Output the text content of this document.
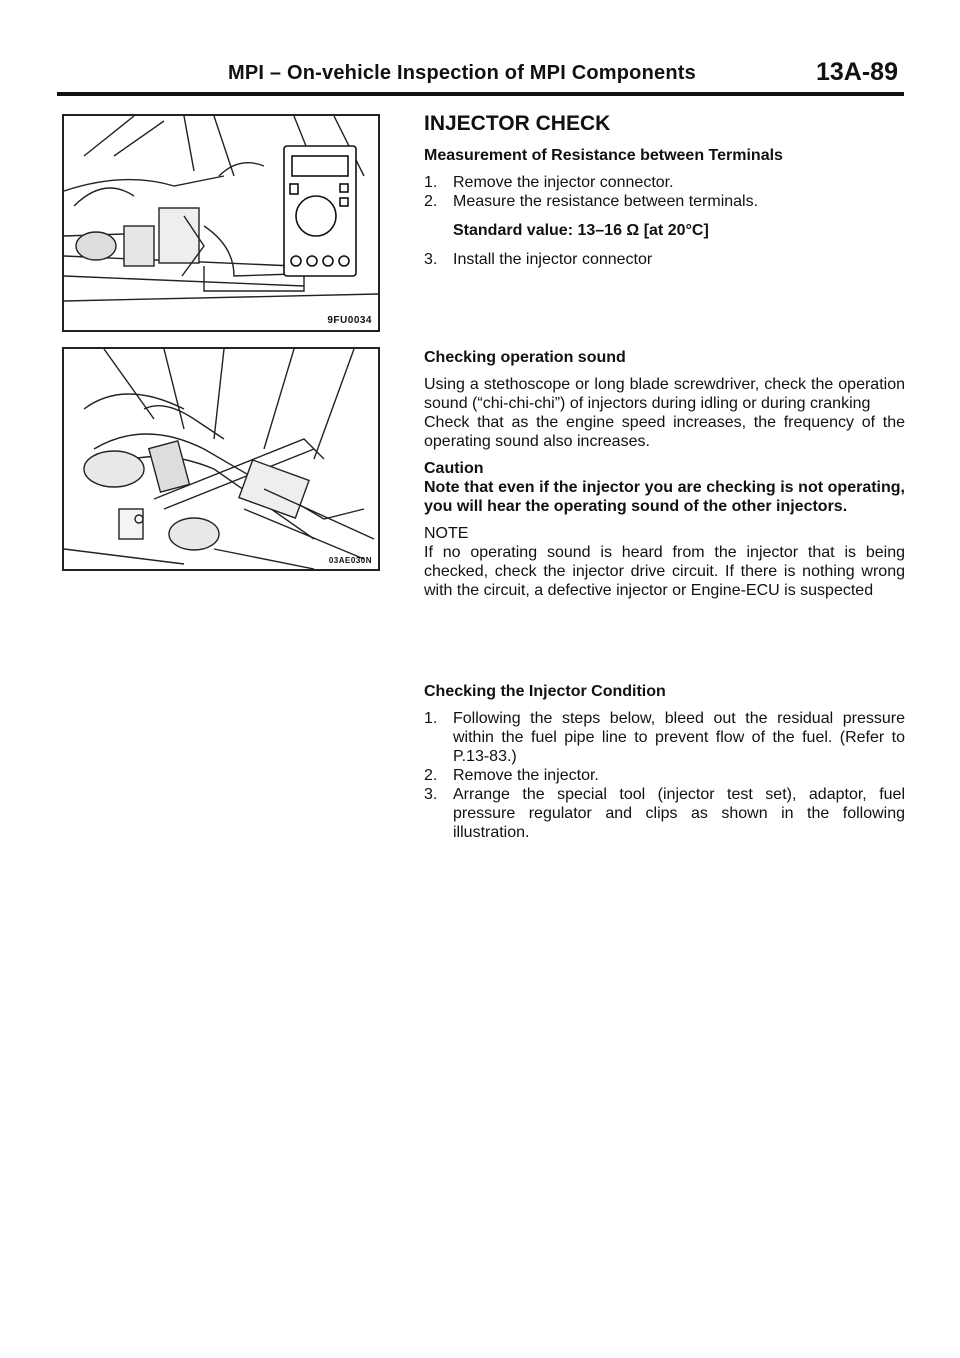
MPI – On-vehicle Inspection of MPI Components	13A-89
9FU0034
03AE030N
INJECTOR CHECK
Measurement of Resistance between Terminals
1. Remove the injector connector.
2. Measure the resistance between terminals.
Standard value: 13–16 Ω [at 20°C]
3. Install the injector connector
Checking operation sound

Using a stethoscope or long blade screwdriver, check the operation sound (“chi-chi-chi”) of injectors during idling or during cranking

Check that as the engine speed increases, the frequency of the operating sound also increases.

Caution

Note that even if the injector you are checking is not operating, you will hear the operating sound of the other injectors.

NOTE

If no operating sound is heard from the injector that is being checked, check the injector drive circuit. If there is nothing wrong with the circuit, a defective injector or Engine-ECU is suspected

Checking the Injector Condition
1. Following the steps below, bleed out the residual pressure within the fuel pipe line to prevent flow of the fuel. (Refer to P.13-83.)
2. Remove the injector.
3. Arrange the special tool (injector test set), adaptor, fuel pressure regulator and clips as shown in the following illustration.
